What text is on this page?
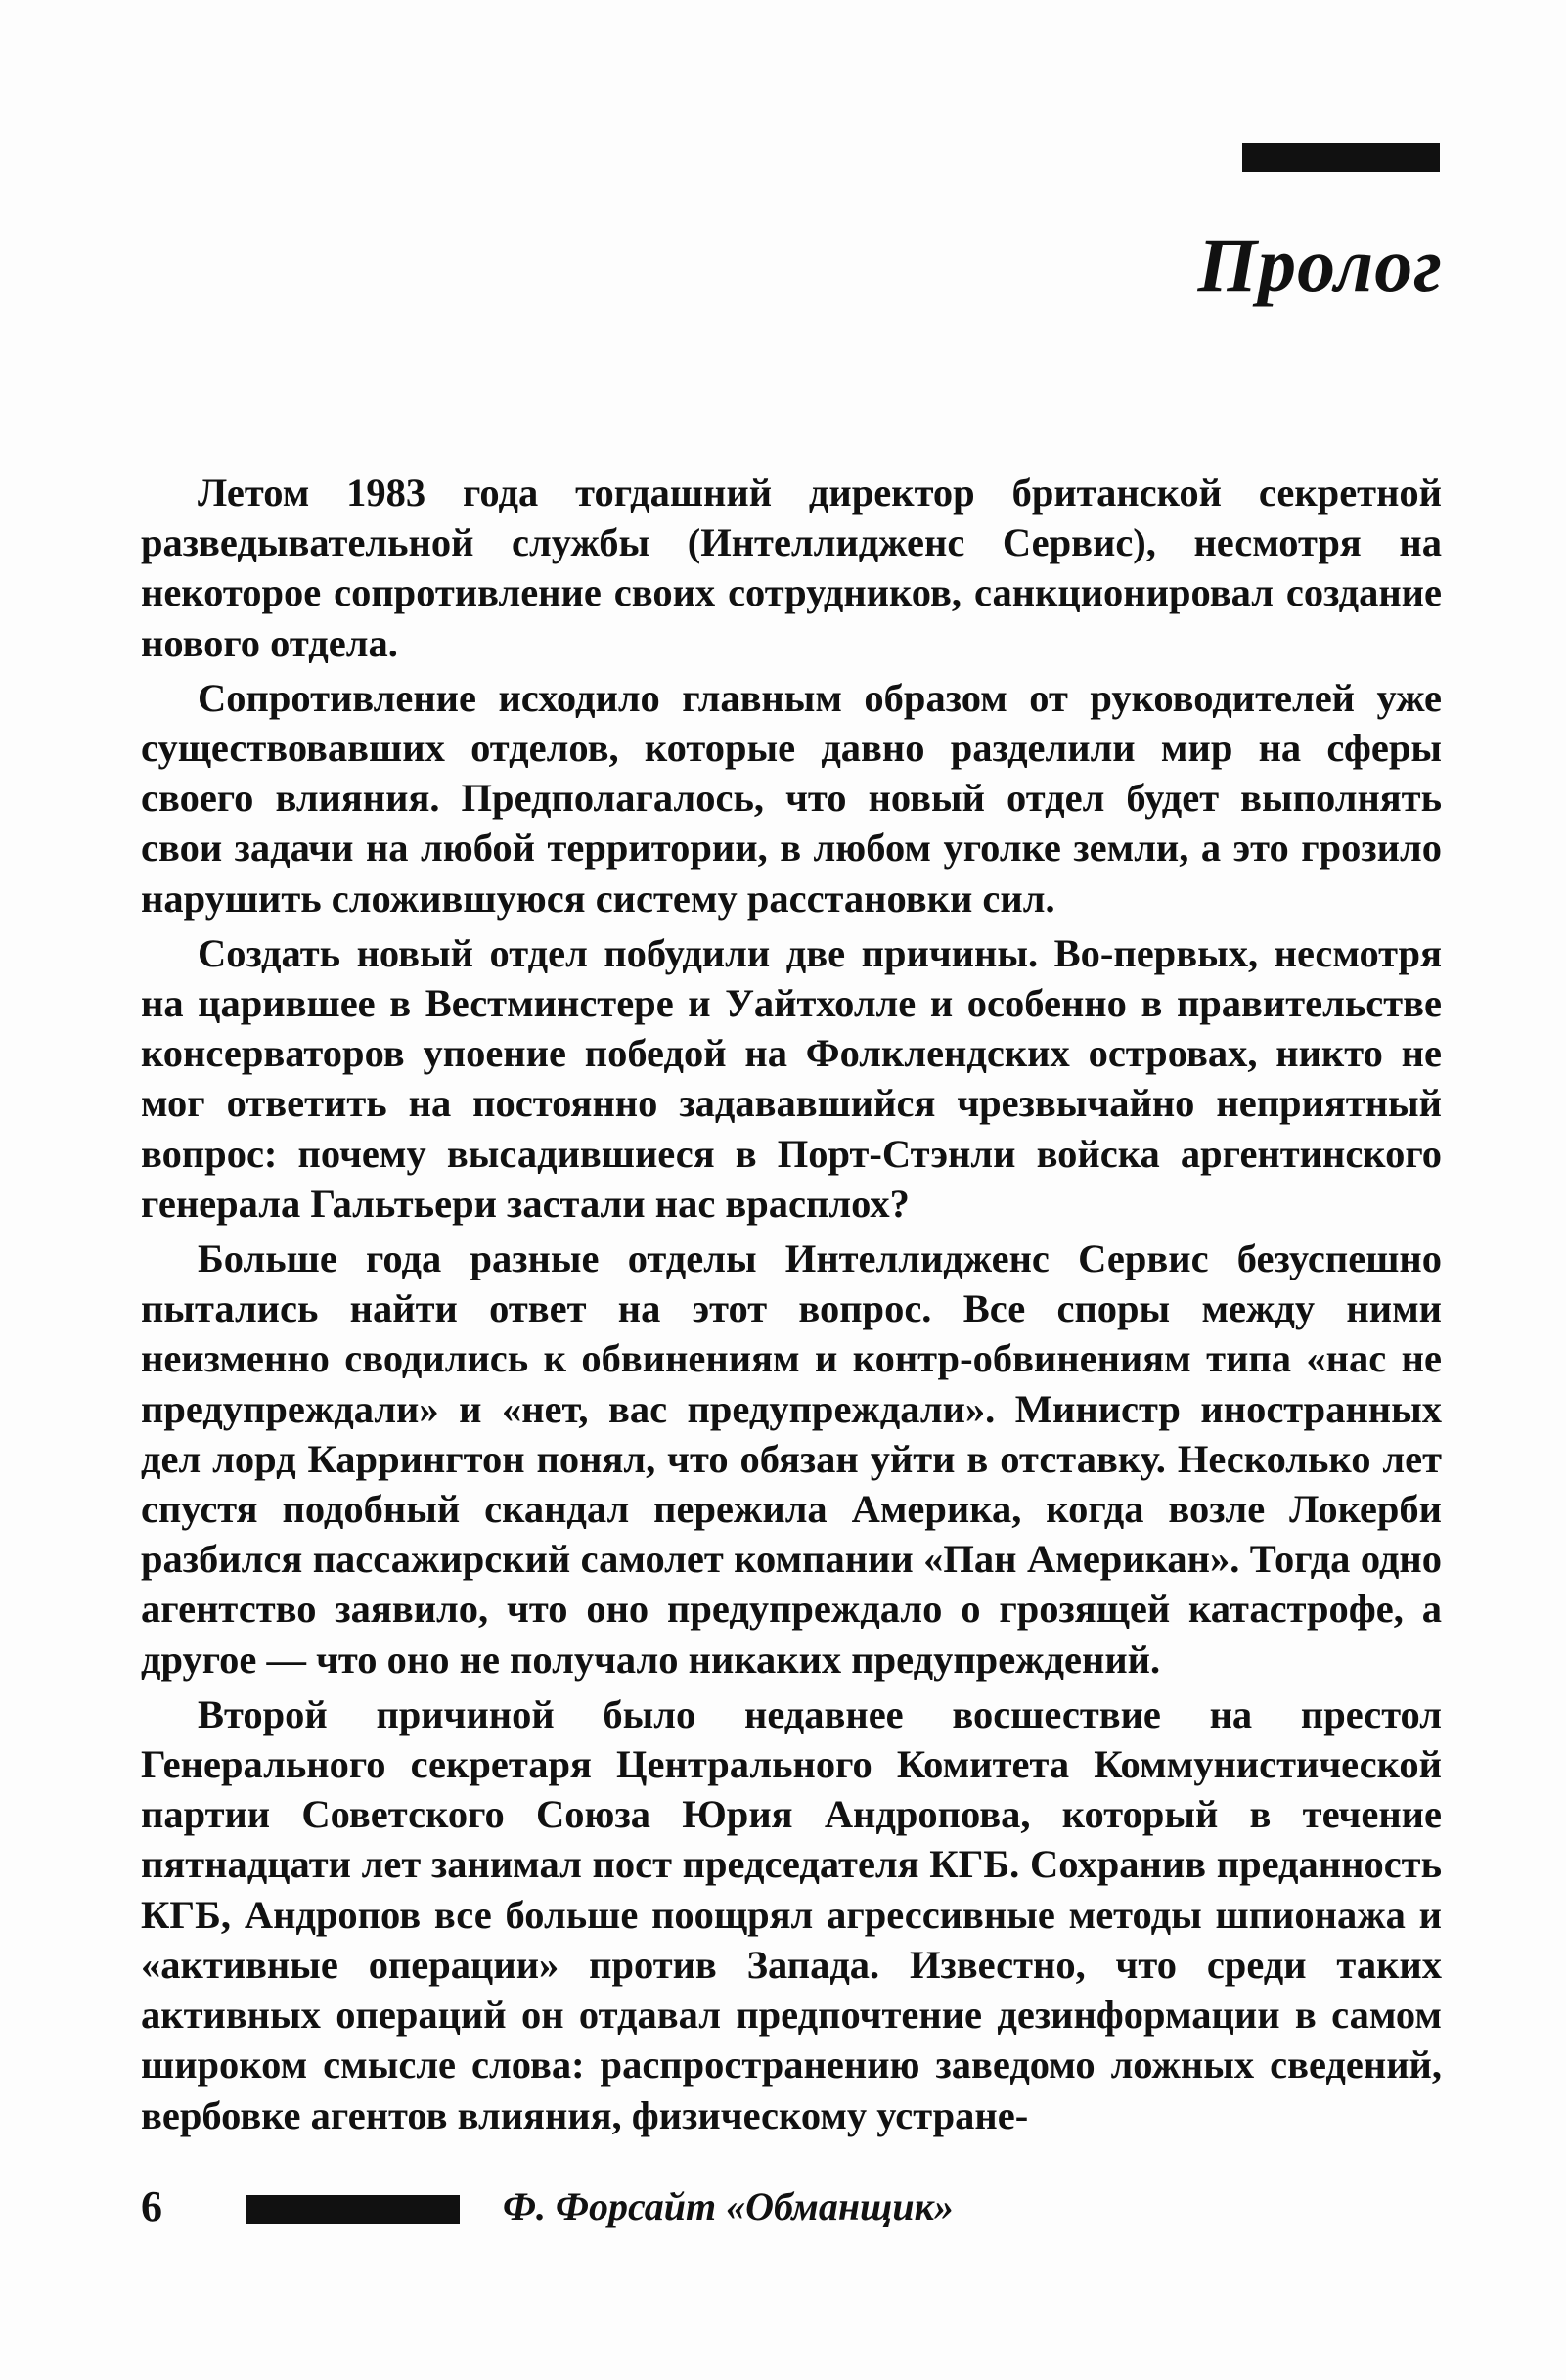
Пролог

Летом 1983 года тогдашний директор британской секретной разведывательной службы (Интеллидженс Сервис), несмотря на некоторое сопротивление своих сотрудников, санкционировал создание нового отдела.

Сопротивление исходило главным образом от руководителей уже существовавших отделов, которые давно разделили мир на сферы своего влияния. Предполагалось, что новый отдел будет выполнять свои задачи на любой территории, в любом уголке земли, а это грозило нарушить сложившуюся систему расстановки сил.

Создать новый отдел побудили две причины. Во-первых, несмотря на царившее в Вестминстере и Уайтхолле и особенно в правительстве консерваторов упоение победой на Фолклендских островах, никто не мог ответить на постоянно задававшийся чрезвычайно неприятный вопрос: почему высадившиеся в Порт-Стэнли войска аргентинского генерала Гальтьери застали нас врасплох?

Больше года разные отделы Интеллидженс Сервис безуспешно пытались найти ответ на этот вопрос. Все споры между ними неизменно сводились к обвинениям и контр-обвинениям типа «нас не предупреждали» и «нет, вас предупреждали». Министр иностранных дел лорд Каррингтон понял, что обязан уйти в отставку. Несколько лет спустя подобный скандал пережила Америка, когда возле Локерби разбился пассажирский самолет компании «Пан Американ». Тогда одно агентство заявило, что оно предупреждало о грозящей катастрофе, а другое — что оно не получало никаких предупреждений.

Второй причиной было недавнее восшествие на престол Генерального секретаря Центрального Комитета Коммунистической партии Советского Союза Юрия Андропова, который в течение пятнадцати лет занимал пост председателя КГБ. Сохранив преданность КГБ, Андропов все больше поощрял агрессивные методы шпионажа и «активные операции» против Запада. Известно, что среди таких активных операций он отдавал предпочтение дезинформации в самом широком смысле слова: распространению заведомо ложных сведений, вербовке агентов влияния, физическому устране-

6	Ф. Форсайт «Обманщик»
